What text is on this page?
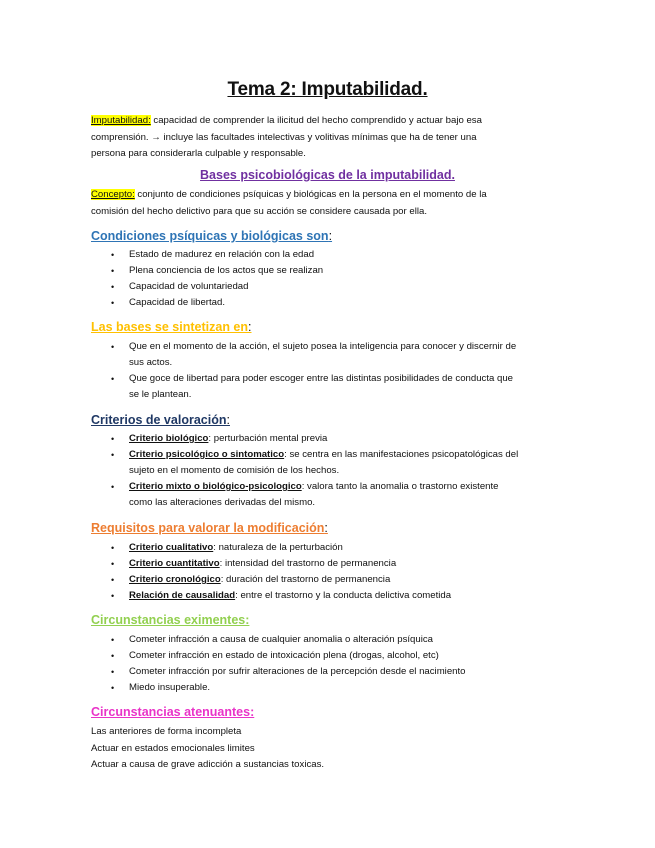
Tema 2: Imputabilidad.

Imputabilidad: capacidad de comprender la ilicitud del hecho comprendido y actuar bajo esa
comprensión. → incluye las facultades intelectivas y volitivas mínimas que ha de tener una
persona para considerarla culpable y responsable.

Bases psicobiológicas de la imputabilidad.

Concepto: conjunto de condiciones psíquicas y biológicas en la persona en el momento de la
comisión del hecho delictivo para que su acción se considere causada por ella.

Condiciones psíquicas y biológicas son:
• Estado de madurez en relación con la edad
• Plena conciencia de los actos que se realizan
• Capacidad de voluntariedad
• Capacidad de libertad.
Las bases se sintetizan en:
• Que en el momento de la acción, el sujeto posea la inteligencia para conocer y discernir de
sus actos.
• Que goce de libertad para poder escoger entre las distintas posibilidades de conducta que
se le plantean.
Criterios de valoración:
• Criterio biológico: perturbación mental previa
• Criterio psicológico o sintomatico: se centra en las manifestaciones psicopatológicas del
sujeto en el momento de comisión de los hechos.
• Criterio mixto o biológico-psicologico: valora tanto la anomalia o trastorno existente
como las alteraciones derivadas del mismo.
Requisitos para valorar la modificación:
• Criterio cualitativo: naturaleza de la perturbación
• Criterio cuantitativo: intensidad del trastorno de permanencia
• Criterio cronológico: duración del trastorno de permanencia
• Relación de causalidad: entre el trastorno y la conducta delictiva cometida
Circunstancias eximentes:
• Cometer infracción a causa de cualquier anomalia o alteración psíquica
• Cometer infracción en estado de intoxicación plena (drogas, alcohol, etc)
• Cometer infracción por sufrir alteraciones de la percepción desde el nacimiento
• Miedo insuperable.
Circunstancias atenuantes:

Las anteriores de forma incompleta
Actuar en estados emocionales limites
Actuar a causa de grave adicción a sustancias toxicas.
